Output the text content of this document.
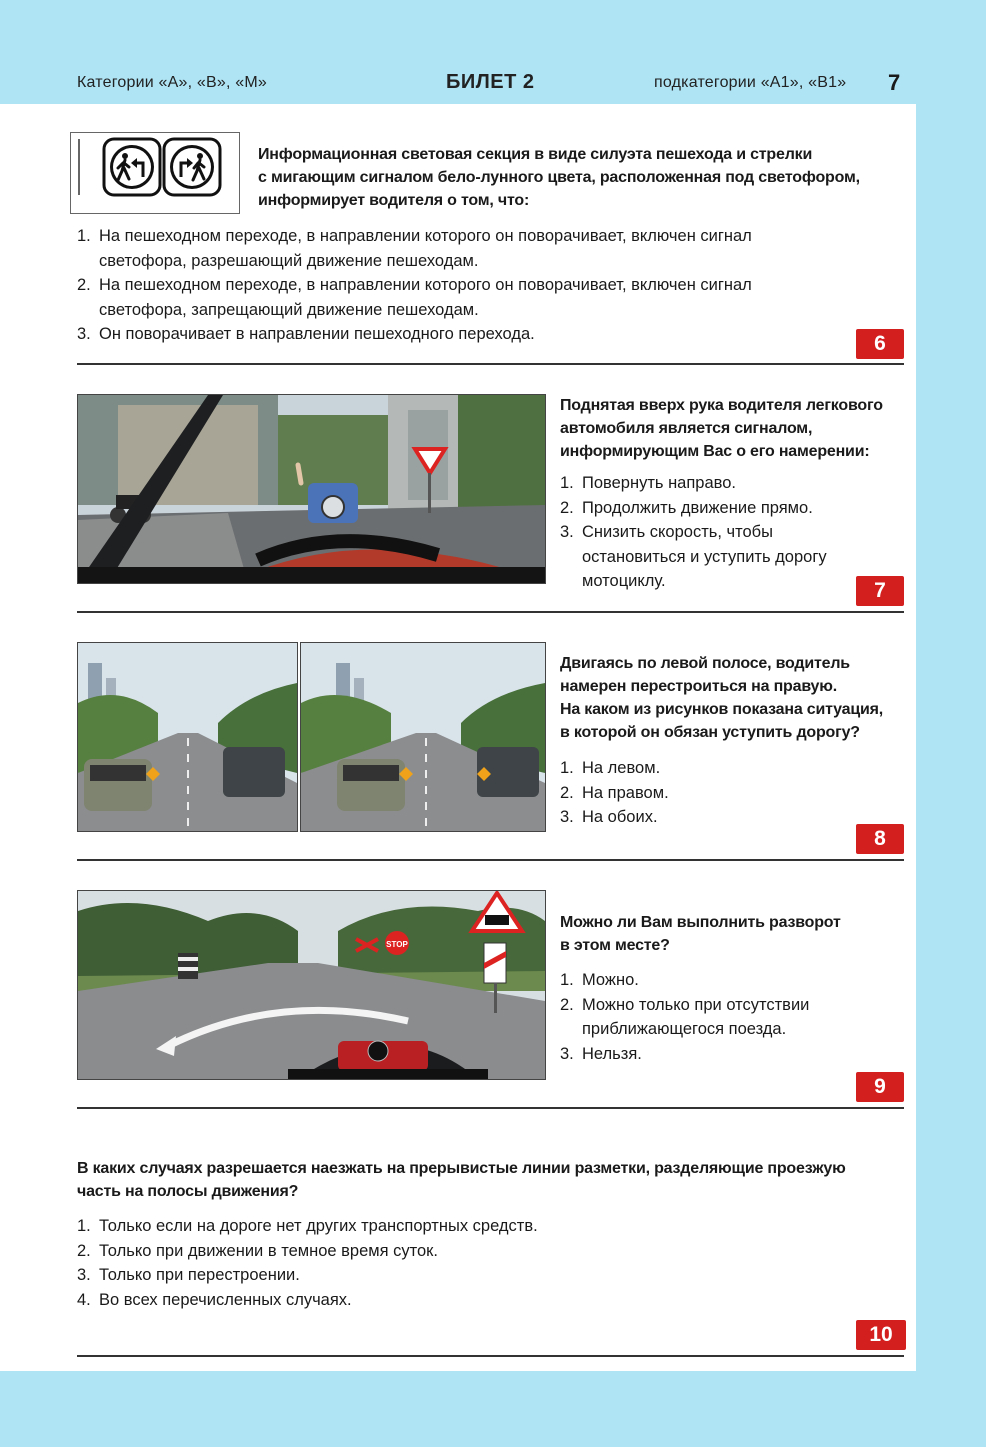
Категории «А», «В», «М»	БИЛЕТ 2	подкатегории «А1», «В1» 7
Информационная световая секция в виде силуэта пешехода и стрелки
с мигающим сигналом бело-лунного цвета, расположенная под светофором,
информирует водителя о том, что:
1. На пешеходном переходе, в направлении которого он поворачивает, включен сигнал
светофора, разрешающий движение пешеходам.
2. На пешеходном переходе, в направлении которого он поворачивает, включен сигнал
светофора, запрещающий движение пешеходам.
3. Он поворачивает в направлении пешеходного перехода.	6
Поднятая вверх рука водителя легкового
автомобиля является сигналом,
информирующим Вас о его намерении:
1. Повернуть направо.
2. Продолжить движение прямо.
3. Снизить скорость, чтобы
остановиться и уступить дорогу
мотоциклу.	7
Двигаясь по левой полосе, водитель
намерен перестроиться на правую.
На каком из рисунков показана ситуация,
в которой он обязан уступить дорогу?
1. На левом.
2. На правом.
3. На обоих.
8
STOP
Можно ли Вам выполнить разворот
в этом месте?
1. Можно.
2. Можно только при отсутствии
приближающегося поезда.
3. Нельзя.
9
В каких случаях разрешается наезжать на прерывистые линии разметки, разделяющие проезжую
часть на полосы движения?
1. Только если на дороге нет других транспортных средств.
2. Только при движении в темное время суток.
3. Только при перестроении.
4. Во всех перечисленных случаях.
10
